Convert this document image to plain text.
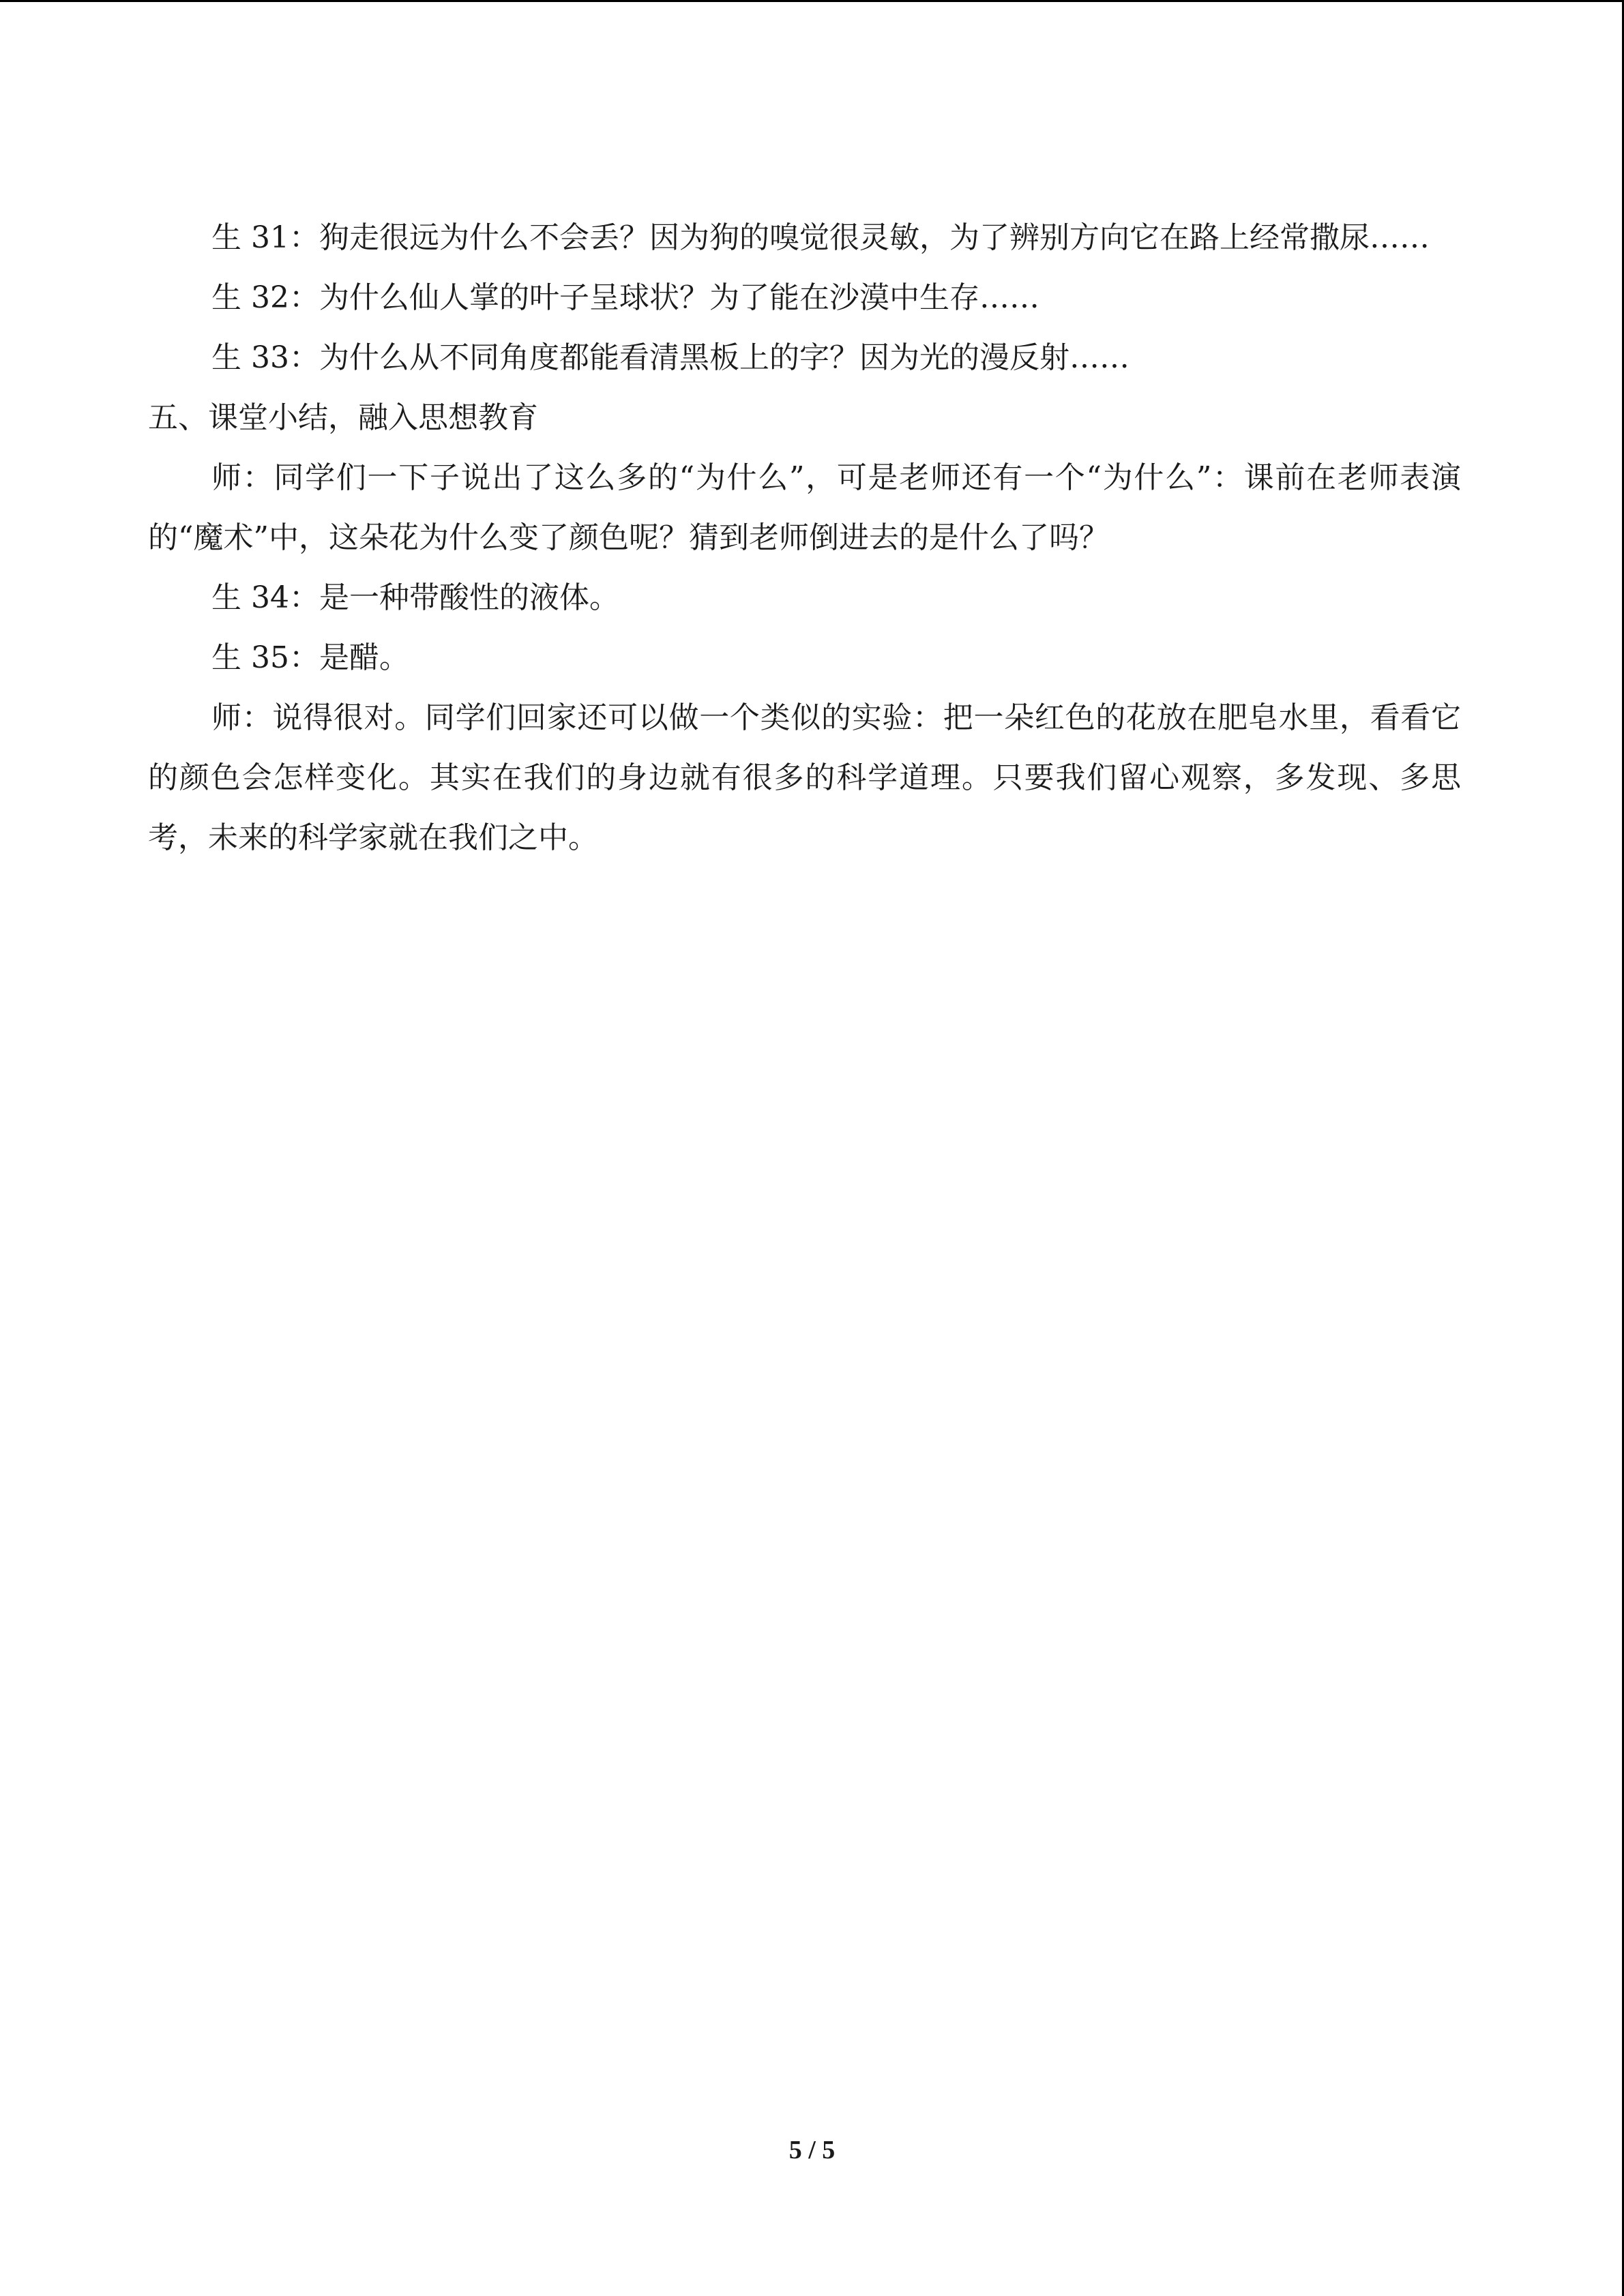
生 31：狗走很远为什么不会丢？因为狗的嗅觉很灵敏，为了辨别方向它在路上经常撒尿……

生 32：为什么仙人掌的叶子呈球状？为了能在沙漠中生存……

生 33：为什么从不同角度都能看清黑板上的字？因为光的漫反射……

五、课堂小结，融入思想教育

师：同学们一下子说出了这么多的“为什么”，可是老师还有一个“为什么”：课前在老师表演的“魔术”中，这朵花为什么变了颜色呢？猜到老师倒进去的是什么了吗？

生 34：是一种带酸性的液体。

生 35：是醋。

师：说得很对。同学们回家还可以做一个类似的实验：把一朵红色的花放在肥皂水里，看看它的颜色会怎样变化。其实在我们的身边就有很多的科学道理。只要我们留心观察，多发现、多思考，未来的科学家就在我们之中。

5 / 5
